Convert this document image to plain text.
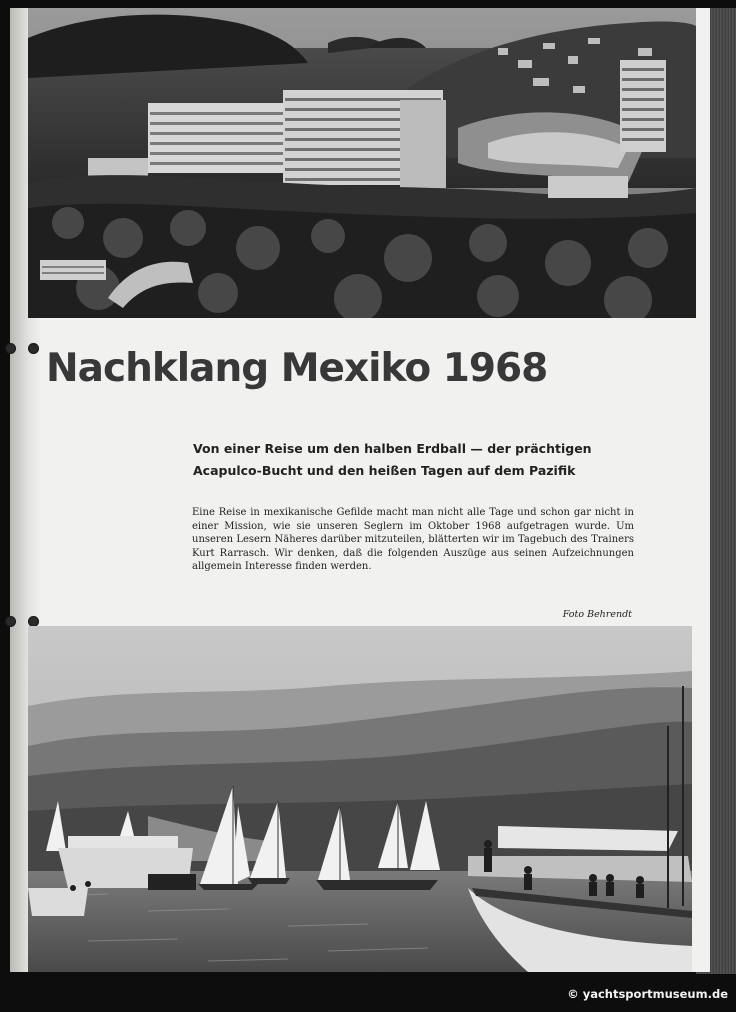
Nachklang Mexiko 1968

Von einer Reise um den halben Erdball — der prächtigen Acapulco-Bucht und den heißen Tagen auf dem Pazifik

Eine Reise in mexikanische Gefilde macht man nicht alle Tage und schon gar nicht in einer Mission, wie sie unseren Seglern im Oktober 1968 aufgetragen wurde. Um unseren Lesern Näheres darüber mitzuteilen, blätterten wir im Tagebuch des Trainers Kurt Rarrasch. Wir denken, daß die folgenden Auszüge aus seinen Aufzeichnungen allgemein Interesse finden werden.

Foto Behrendt
© yachtsportmuseum.de
